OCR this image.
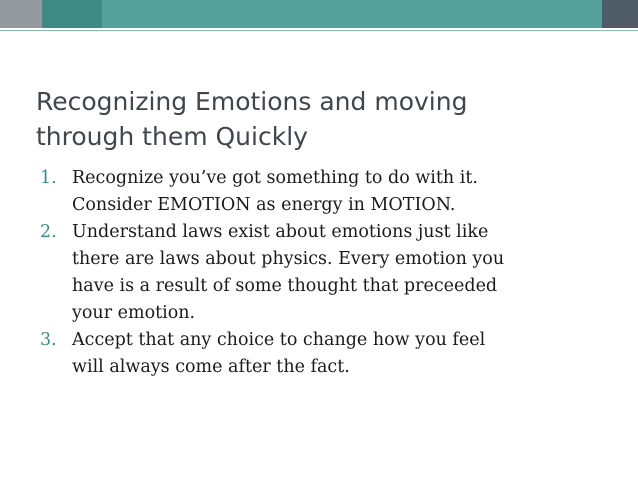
Recognizing Emotions and moving
through them Quickly
1. Recognize you’ve got something to do with it.
Consider EMOTION as energy in MOTION.
2. Understand laws exist about emotions just like
there are laws about physics. Every emotion you
have is a result of some thought that preceeded
your emotion.
3. Accept that any choice to change how you feel
will always come after the fact.
